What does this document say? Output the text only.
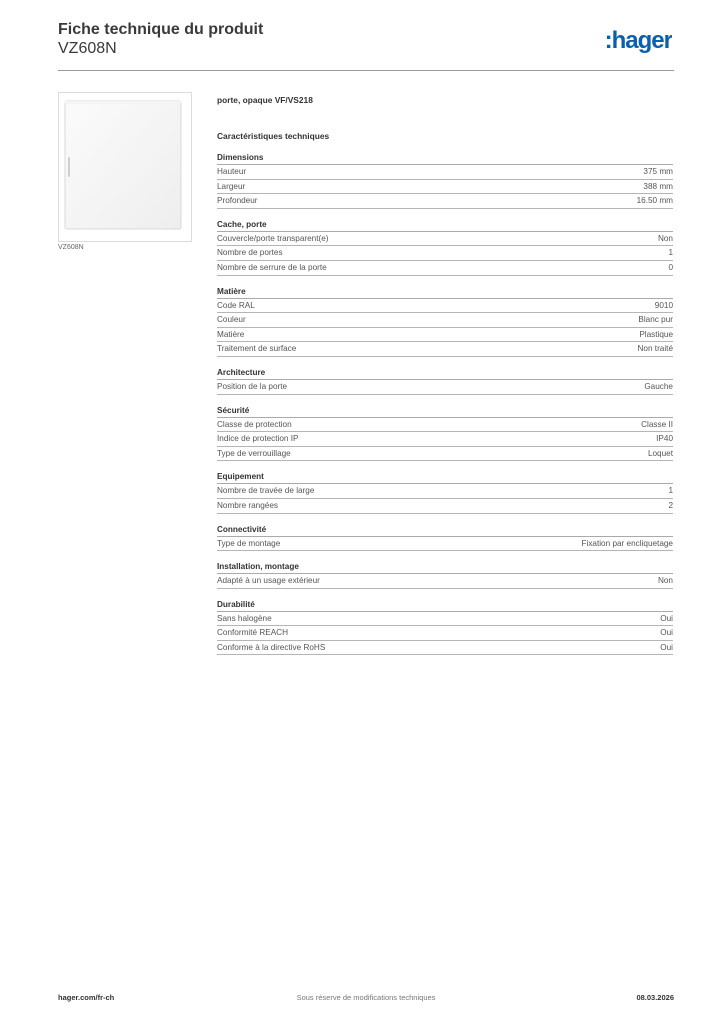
Fiche technique du produit
VZ608N	:hager
VZ608N
porte, opaque VF/VS218
Caractéristiques techniques
Dimensions
Hauteur	375 mm
Largeur	388 mm
Profondeur	16.50 mm
Cache, porte
Couvercle/porte transparent(e)	Non
Nombre de portes	1
Nombre de serrure de la porte	0
Matière
Code RAL	9010
Couleur	Blanc pur
Matière	Plastique
Traitement de surface	Non traité
Architecture
Position de la porte	Gauche
Sécurité
Classe de protection	Classe II
Indice de protection IP	IP40
Type de verrouillage	Loquet
Equipement
Nombre de travée de large	1
Nombre rangées	2
Connectivité
Type de montage	Fixation par encliquetage
Installation, montage
Adapté à un usage extérieur	Non
Durabilité
Sans halogène	Oui
Conformité REACH	Oui
Conforme à la directive RoHS	Oui
hager.com/fr-ch	Sous réserve de modifications techniques	08.03.2026
